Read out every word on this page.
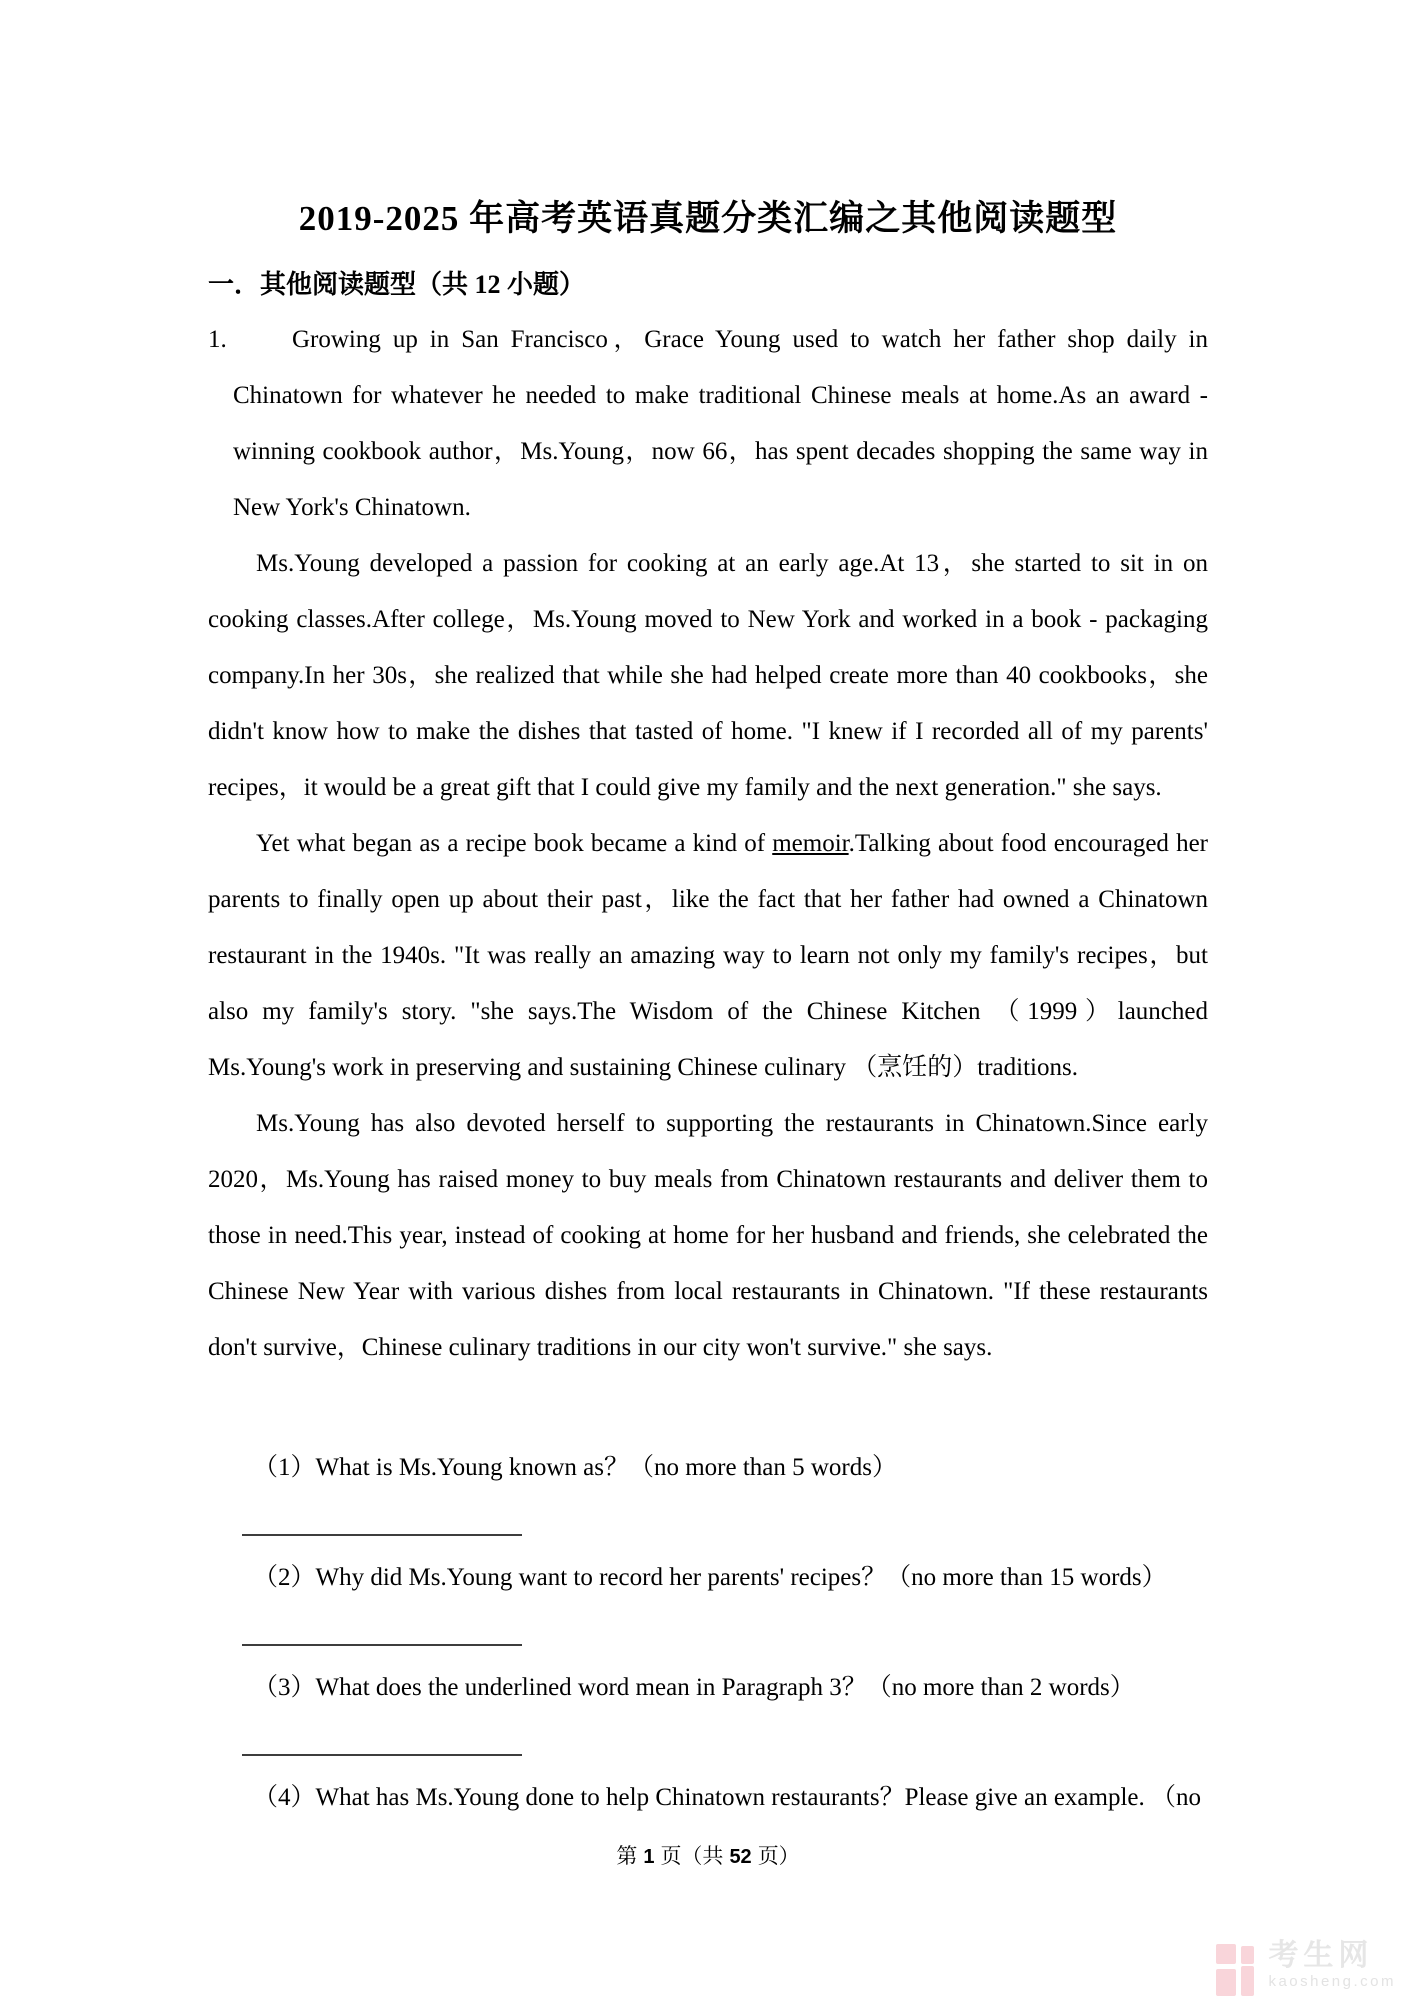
2019-2025 年高考英语真题分类汇编之其他阅读题型
一．其他阅读题型（共 12 小题）

1.	Growing up in San Francisco，Grace Young used to watch her father shop daily in Chinatown for whatever he needed to make traditional Chinese meals at home.As an award - winning cookbook author，Ms.Young，now 66，has spent decades shopping the same way in New York's Chinatown.

Ms.Young developed a passion for cooking at an early age.At 13，she started to sit in on cooking classes.After college，Ms.Young moved to New York and worked in a book - packaging company.In her 30s，she realized that while she had helped create more than 40 cookbooks，she didn't know how to make the dishes that tasted of home. "I knew if I recorded all of my parents' recipes，it would be a great gift that I could give my family and the next generation." she says.

Yet what began as a recipe book became a kind of memoir.Talking about food encouraged her parents to finally open up about their past，like the fact that her father had owned a Chinatown restaurant in the 1940s. "It was really an amazing way to learn not only my family's recipes，but also my family's story. "she says.The Wisdom of the Chinese Kitchen （1999）launched Ms.Young's work in preserving and sustaining Chinese culinary （烹饪的）traditions.

Ms.Young has also devoted herself to supporting the restaurants in Chinatown.Since early 2020，Ms.Young has raised money to buy meals from Chinatown restaurants and deliver them to those in need.This year, instead of cooking at home for her husband and friends, she celebrated the Chinese New Year with various dishes from local restaurants in Chinatown. "If these restaurants don't survive，Chinese culinary traditions in our city won't survive." she says.

（1）What is Ms.Young known as？（no more than 5 words）
（2）Why did Ms.Young want to record her parents' recipes？（no more than 15 words）
（3）What does the underlined word mean in Paragraph 3？（no more than 2 words）
（4）What has Ms.Young done to help Chinatown restaurants？Please give an example. （no
第 1 页（共 52 页）
考生网
kaosheng.com
